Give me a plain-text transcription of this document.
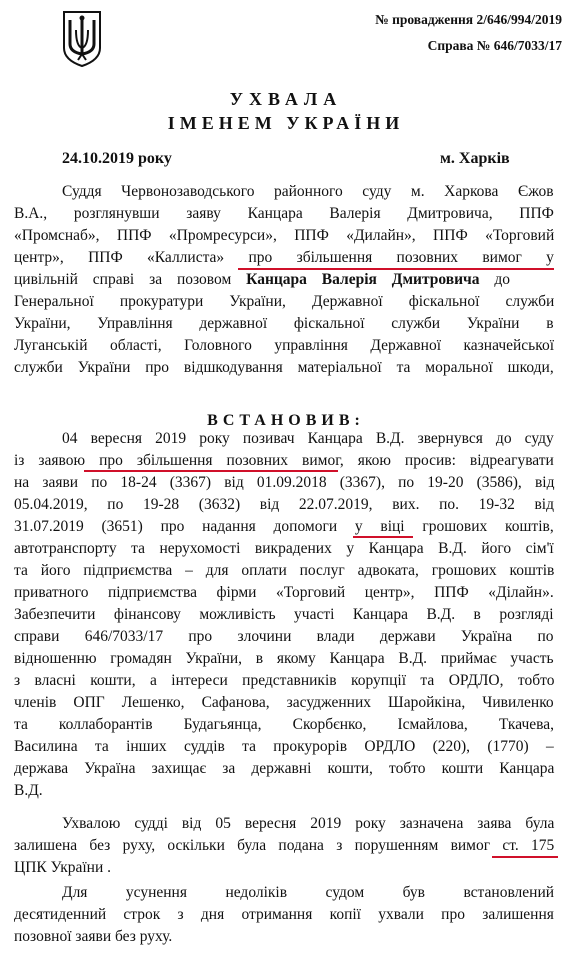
№ провадження 2/646/994/2019
Справа № 646/7033/17
УХВАЛА
ІМЕНЕМ УКРАЇНИ
24.10.2019 року	м. Харків
Суддя Червонозаводського районного суду м. Харкова Єжов
В.А., розглянувши заяву Канцара Валерія Дмитровича, ППФ
«Промснаб», ППФ «Промресурси», ППФ «Дилайн», ППФ «Торговий
центр», ППФ «Каллиста» про збільшення позовних вимог у
цивільній справі за позовом Канцара Валерія Дмитровича до
Генеральної прокуратури України, Державної фіскальної служби
України, Управління державної фіскальної служби України в
Луганській області, Головного управління Державної казначейської
служби України про відшкодування матеріальної та моральної шкоди,
ВСТАНОВИВ:
04 вересня 2019 року позивач Канцара В.Д. звернувся до суду
із заявою про збільшення позовних вимог, якою просив: відреагувати
на заяви по 18-24 (3367) від 01.09.2018 (3367), по 19-20 (3586), від
05.04.2019, по 19-28 (3632) від 22.07.2019, вих. по. 19-32 від
31.07.2019 (3651) про надання допомоги у віці грошових коштів,
автотранспорту та нерухомості викрадених у Канцара В.Д. його сім'ї
та його підприємства – для оплати послуг адвоката, грошових коштів
приватного підприємства фірми «Торговий центр», ППФ «Ділайн».
Забезпечити фінансову можливість участі Канцара В.Д. в розгляді
справи 646/7033/17 про злочини влади держави Україна по
відношенню громадян України, в якому Канцара В.Д. приймає участь
з власні кошти, а інтереси представників корупції та ОРДЛО, тобто
членів ОПГ Лешенко, Сафанова, засудженних Шаройкіна, Чивиленко
та коллаборантів Будагьянца, Скорбєнко, Ісмайлова, Ткачева,
Василина та інших суддів та прокурорів ОРДЛО (220), (1770) –
держава Україна захищає за державні кошти, тобто кошти Канцара
В.Д.
Ухвалою судді від 05 вересня 2019 року зазначена заява була
залишена без руху, оскільки була подана з порушенням вимог ст. 175
ЦПК України .
Для усунення недоліків судом був встановлений
десятиденний строк з дня отримання копії ухвали про залишення
позовної заяви без руху.
